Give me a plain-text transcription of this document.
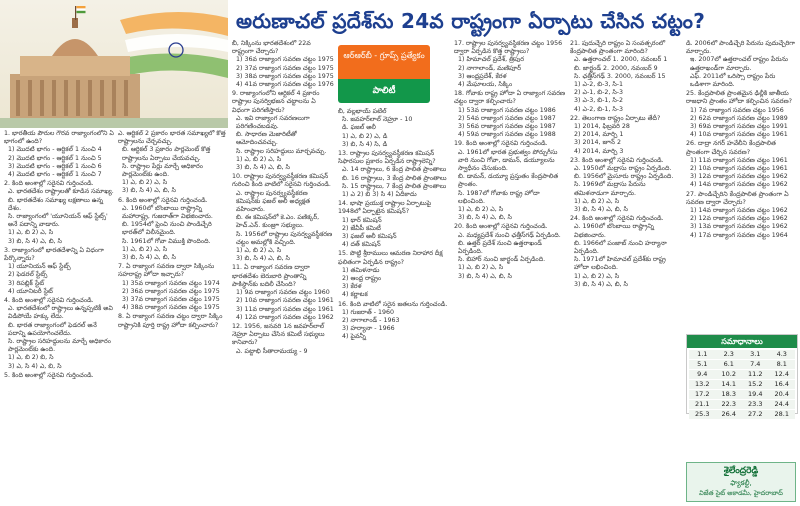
అరుణాచల్ ప్రదేశ్‌ను 24వ రాష్ట్రంగా ఏర్పాటు చేసిన చట్టం?
ఆర్‌ఆర్‌బీ - గ్రూప్స్ ప్రత్యేకం
పాలిటీ
1. భారతీయ పౌరుల గౌరవ రాజ్యాంగంలోని ఏ భాగంలో ఉంది?
1) మొదటి భాగం - ఆర్టికల్ 1 నుంచి 4
2) మొదటి భాగం - ఆర్టికల్ 1 నుంచి 5
3) మొదటి భాగం - ఆర్టికల్ 1 నుంచి 6
4) మొదటి భాగం - ఆర్టికల్ 1 నుంచి 7
2. కింది అంశాల్లో సరైనవి గుర్తించండి.
ఎ. భారతదేశం రాష్ట్రాలతో కూడిన సమాఖ్య.
బి. భారతదేశం సమాఖ్య లక్షణాలు ఉన్న దేశం.
సి. రాజ్యాంగంలో 'యూనియన్ ఆఫ్ స్టేట్స్' అనే పదాన్ని వాడారు.
1) ఎ, బి 2) ఎ, సి
3) బి, సి 4) ఎ, బి, సి
3. రాజ్యాంగంలో భారతదేశాన్ని ఏ విధంగా పేర్కొన్నారు?
1) యూనియన్ ఆఫ్ స్టేట్స్
2) ఫెడరల్ స్టేట్స్
3) రిపబ్లిక్ స్టేట్
4) యూనిటరీ స్టేట్
4. కింది అంశాల్లో సరైనవి గుర్తించండి.
ఎ. భారతదేశంలో రాష్ట్రాలు ఉన్నప్పటికీ అవి విడిపోయే హక్కు లేదు.
బి. భారత రాజ్యాంగంలో ఫెడరల్ అనే పదాన్ని ఉపయోగించలేదు.
సి. రాష్ట్రాల సరిహద్దులను మార్చే అధికారం పార్లమెంట్‌కు ఉంది.
1) ఎ, బి 2) బి, సి
3) ఎ, సి 4) ఎ, బి, సి
5. కింది అంశాల్లో సరైనవి గుర్తించండి.
ఎ. ఆర్టికల్ 2 ప్రకారం భారత సమాఖ్యలో కొత్త రాష్ట్రాలను చేర్చవచ్చు.
బి. ఆర్టికల్ 3 ప్రకారం పార్లమెంట్ కొత్త రాష్ట్రాలను ఏర్పాటు చేయవచ్చు.
సి. రాష్ట్రాల పేర్లు మార్చే అధికారం పార్లమెంట్‌కు ఉంది.
1) ఎ, బి 2) ఎ, సి
3) బి, సి 4) ఎ, బి, సి
6. కింది అంశాల్లో సరైనవి గుర్తించండి.
ఎ. 1960లో బొంబాయి రాష్ట్రాన్ని మహారాష్ట్ర, గుజరాత్‌గా విభజించారు.
బి. 1954లో ఫ్రెంచి నుంచి పాండిచ్చేరి భారత్‌లో విలీనమైంది.
సి. 1961లో గోవా విముక్తి పొందింది.
1) ఎ, బి 2) ఎ, సి
3) బి, సి 4) ఎ, బి, సి
7. ఏ రాజ్యాంగ సవరణ ద్వారా సిక్కింను సహరాష్ట్ర హోదా ఇచ్చారు?
1) 35వ రాజ్యాంగ సవరణ చట్టం 1974
2) 36వ రాజ్యాంగ సవరణ చట్టం 1975
3) 37వ రాజ్యాంగ సవరణ చట్టం 1975
4) 38వ రాజ్యాంగ సవరణ చట్టం 1975
8. ఏ రాజ్యాంగ సవరణ చట్టం ద్వారా సిక్కిం రాష్ట్రానికి పూర్తి రాష్ట్ర హోదా కల్పించారు?
బీ, నిక్కింను భారతదేశంలో 22వ రాష్ట్రంగా చేర్చారు?
1) 36వ రాజ్యాంగ సవరణ చట్టం 1975
2) 37వ రాజ్యాంగ సవరణ చట్టం 1975
3) 38వ రాజ్యాంగ సవరణ చట్టం 1975
4) 41వ రాజ్యాంగ సవరణ చట్టం 1976
9. రాజ్యాంగంలోని ఆర్టికల్ 4 ప్రకారం రాష్ట్రాల పునర్విభజన చట్టాలను ఏ విధంగా పరిగణిస్తారు?
ఎ. ఇవి రాజ్యాంగ సవరణలుగా పరిగణించబడవు.
బి. సాధారణ మెజారిటీతో ఆమోదించవచ్చు.
సి. రాష్ట్రాల సరిహద్దులు మార్చవచ్చు.
1) ఎ, బి 2) ఎ, సి
3) బి, సి 4) ఎ, బి, సి
10. రాష్ట్రాల పునర్వ్యవస్థీకరణ కమిషన్ గురించి కింది వాటిలో సరైనవి గుర్తించండి.
ఎ. రాష్ట్రాల పునర్వ్యవస్థీకరణ కమిషన్‌కు ఫజల్ అలీ అధ్యక్షత వహించారు.
బి. ఈ కమిషన్‌లో కె.ఎం. పణిక్కర్, హెచ్.ఎన్. కుంజ్రూ సభ్యులు.
సి. 1956లో రాష్ట్రాల పునర్వ్యవస్థీకరణ చట్టం అమల్లోకి వచ్చింది.
1) ఎ, బి 2) ఎ, సి
3) బి, సి 4) ఎ, బి, సి
11. ఏ రాజ్యాంగ సవరణ ద్వారా భారతదేశం బెరుబారి ప్రాంతాన్ని పాకిస్థాన్‌కు బదిలీ చేసింది?
1) 9వ రాజ్యాంగ సవరణ చట్టం 1960
2) 10వ రాజ్యాంగ సవరణ చట్టం 1961
3) 11వ రాజ్యాంగ సవరణ చట్టం 1961
4) 12వ రాజ్యాంగ సవరణ చట్టం 1962
12. 1956, జనవరి 1న జవహర్‌లాల్ నెహ్రూ ఏర్పాటు చేసిన కమిటీ సభ్యులు కానివారు?
ఎ. పట్టాభి సీతారామయ్య - 9
బీ, వల్లభాయ్ పటేల్
సి. జవహర్‌లాల్ నెహ్రూ - 10
డి. ఫజల్ అలీ
1) ఎ, బి 2) ఎ, డి
3) బి, సి 4) సి, డి
13. రాష్ట్రాల పునర్వ్యవస్థీకరణ కమిషన్ సిఫారసుల ప్రకారం ఏర్పడిన రాష్ట్రాలెన్ని?
ఎ. 14 రాష్ట్రాలు, 6 కేంద్ర పాలిత ప్రాంతాలు
బి. 16 రాష్ట్రాలు, 3 కేంద్ర పాలిత ప్రాంతాలు
సి. 15 రాష్ట్రాలు, 7 కేంద్ర పాలిత ప్రాంతాలు
1) ఎ 2) బి 3) సి 4) ఏదీకాదు
14. భాషా ప్రయుక్త రాష్ట్రాల ఏర్పాటుపై 1948లో ఏర్పాటైన కమిషన్?
1) థార్ కమిషన్
2) జేవీపీ కమిటీ
3) ఫజల్ అలీ కమిషన్
4) దత్ కమిషన్
15. పొట్టి శ్రీరాములు ఆమరణ నిరాహార దీక్ష ఫలితంగా ఏర్పడిన రాష్ట్రం?
1) తమిళనాడు
2) ఆంధ్ర రాష్ట్రం
3) కేరళ
4) కర్ణాటక
16. కింది వాటిలో సరైన జతలను గుర్తించండి.
1) గుజరాత్ - 1960
2) నాగాలాండ్ - 1963
3) హర్యానా - 1966
4) పైవన్నీ
17. రాష్ట్రాల పునర్వ్యవస్థీకరణ చట్టం 1956 ద్వారా ఏర్పడిన కొత్త రాష్ట్రాలు?
1) హిమాచల్ ప్రదేశ్, త్రిపుర
2) నాగాలాండ్, మణిపూర్
3) ఆంధ్రప్రదేశ్, కేరళ
4) మేఘాలయ, సిక్కిం
18. గోవాకు రాష్ట్ర హోదా ఏ రాజ్యాంగ సవరణ చట్టం ద్వారా కల్పించారు?
1) 53వ రాజ్యాంగ సవరణ చట్టం 1986
2) 54వ రాజ్యాంగ సవరణ చట్టం 1987
3) 56వ రాజ్యాంగ సవరణ చట్టం 1987
4) 59వ రాజ్యాంగ సవరణ చట్టం 1988
19. కింది అంశాల్లో సరైనవి గుర్తించండి.
ఎ. 1961లో భారత ప్రభుత్వం పోర్చుగీసు వారి నుంచి గోవా, డామన్, డయ్యూలను స్వాధీనం చేసుకుంది.
బి. డామన్, డయ్యూ ప్రస్తుతం కేంద్రపాలిత ప్రాంతం.
సి. 1987లో గోవాకు రాష్ట్ర హోదా లభించింది.
1) ఎ, బి 2) ఎ, సి
3) బి, సి 4) ఎ, బి, సి
20. కింది అంశాల్లో సరైనవి గుర్తించండి.
ఎ. మధ్యప్రదేశ్ నుంచి ఛత్తీస్‌గఢ్ ఏర్పడింది.
బి. ఉత్తర్ ప్రదేశ్ నుంచి ఉత్తరాఖండ్ ఏర్పడింది.
సి. బిహార్ నుంచి జార్ఖండ్ ఏర్పడింది.
1) ఎ, బి 2) ఎ, సి
3) బి, సి 4) ఎ, బి, సి
21. పుదుచ్చేరి రాష్ట్రం ఏ సంవత్సరంలో కేంద్రపాలిత ప్రాంతంగా మారింది?
ఎ. ఉత్తరాంచల్ 1. 2000, నవంబర్ 1
బి. జార్ఖండ్ 2. 2000, నవంబర్ 9
సి. ఛత్తీస్‌గఢ్ 3. 2000, నవంబర్ 15
1) ఎ-2, బి-3, సి-1
2) ఎ-1, బి-2, సి-3
3) ఎ-3, బి-1, సి-2
4) ఎ-2, బి-1, సి-3
22. తెలంగాణ రాష్ట్రం ఏర్పాటు తేదీ?
1) 2014, ఫిబ్రవరి 28
2) 2014, మార్చి 1
3) 2014, జూన్ 2
4) 2014, మార్చి 3
23. కింది అంశాల్లో సరైనవి గుర్తించండి.
ఎ. 1950లో మద్రాసు రాష్ట్రం ఏర్పడింది.
బి. 1956లో మైసూరు రాష్ట్రం ఏర్పడింది.
సి. 1969లో మద్రాసు పేరును తమిళనాడుగా మార్చారు.
1) ఎ, బి 2) ఎ, సి
3) బి, సి 4) ఎ, బి, సి
24. కింది అంశాల్లో సరైనవి గుర్తించండి.
ఎ. 1960లో బొంబాయి రాష్ట్రాన్ని విభజించారు.
బి. 1966లో పంజాబ్ నుంచి హర్యానా ఏర్పడింది.
సి. 1971లో హిమాచల్ ప్రదేశ్‌కు రాష్ట్ర హోదా లభించింది.
1) ఎ, బి 2) ఎ, సి
3) బి, సి 4) ఎ, బి, సి
డి. 2006లో పాండిచ్చేరి పేరును పుదుచ్చేరిగా మార్చారు.
ఇ. 2007లో ఉత్తరాంచల్ రాష్ట్రం పేరును ఉత్తరాఖండ్‌గా మార్చారు.
ఎఫ్. 2011లో ఒరిస్సా రాష్ట్రం పేరు ఒడిశాగా మారింది.
25. కేంద్రపాలిత ప్రాంతమైన ఢిల్లీకి జాతీయ రాజధాని ప్రాంతం హోదా కల్పించిన సవరణ?
1) 7వ రాజ్యాంగ సవరణ చట్టం 1956
2) 62వ రాజ్యాంగ సవరణ చట్టం 1989
3) 69వ రాజ్యాంగ సవరణ చట్టం 1991
4) 10వ రాజ్యాంగ సవరణ చట్టం 1961
26. దాద్రా నగర్ హవేలీని కేంద్రపాలిత ప్రాంతంగా చేర్చిన సవరణ?
1) 11వ రాజ్యాంగ సవరణ చట్టం 1961
2) 10వ రాజ్యాంగ సవరణ చట్టం 1961
3) 12వ రాజ్యాంగ సవరణ చట్టం 1962
4) 14వ రాజ్యాంగ సవరణ చట్టం 1962
27. పాండిచ్చేరిని కేంద్రపాలిత ప్రాంతంగా ఏ సవరణ ద్వారా చేర్చారు?
1) 14వ రాజ్యాంగ సవరణ చట్టం 1962
2) 12వ రాజ్యాంగ సవరణ చట్టం 1962
3) 13వ రాజ్యాంగ సవరణ చట్టం 1962
4) 17వ రాజ్యాంగ సవరణ చట్టం 1964
సమాధానాలు
1.1	2.3	3.1	4.3
5.1	6.1	7.4	8.1
9.4	10.2	11.2	12.4
13.2	14.1	15.2	16.4
17.2	18.3	19.4	20.4
21.1	22.3	23.3	24.4
25.3	26.4	27.2	28.1
శైలేంద్రరెడ్డి
ఫ్యాకల్టీ,
విజేత సైట్ అకాడమీ, హైదరాబాద్
